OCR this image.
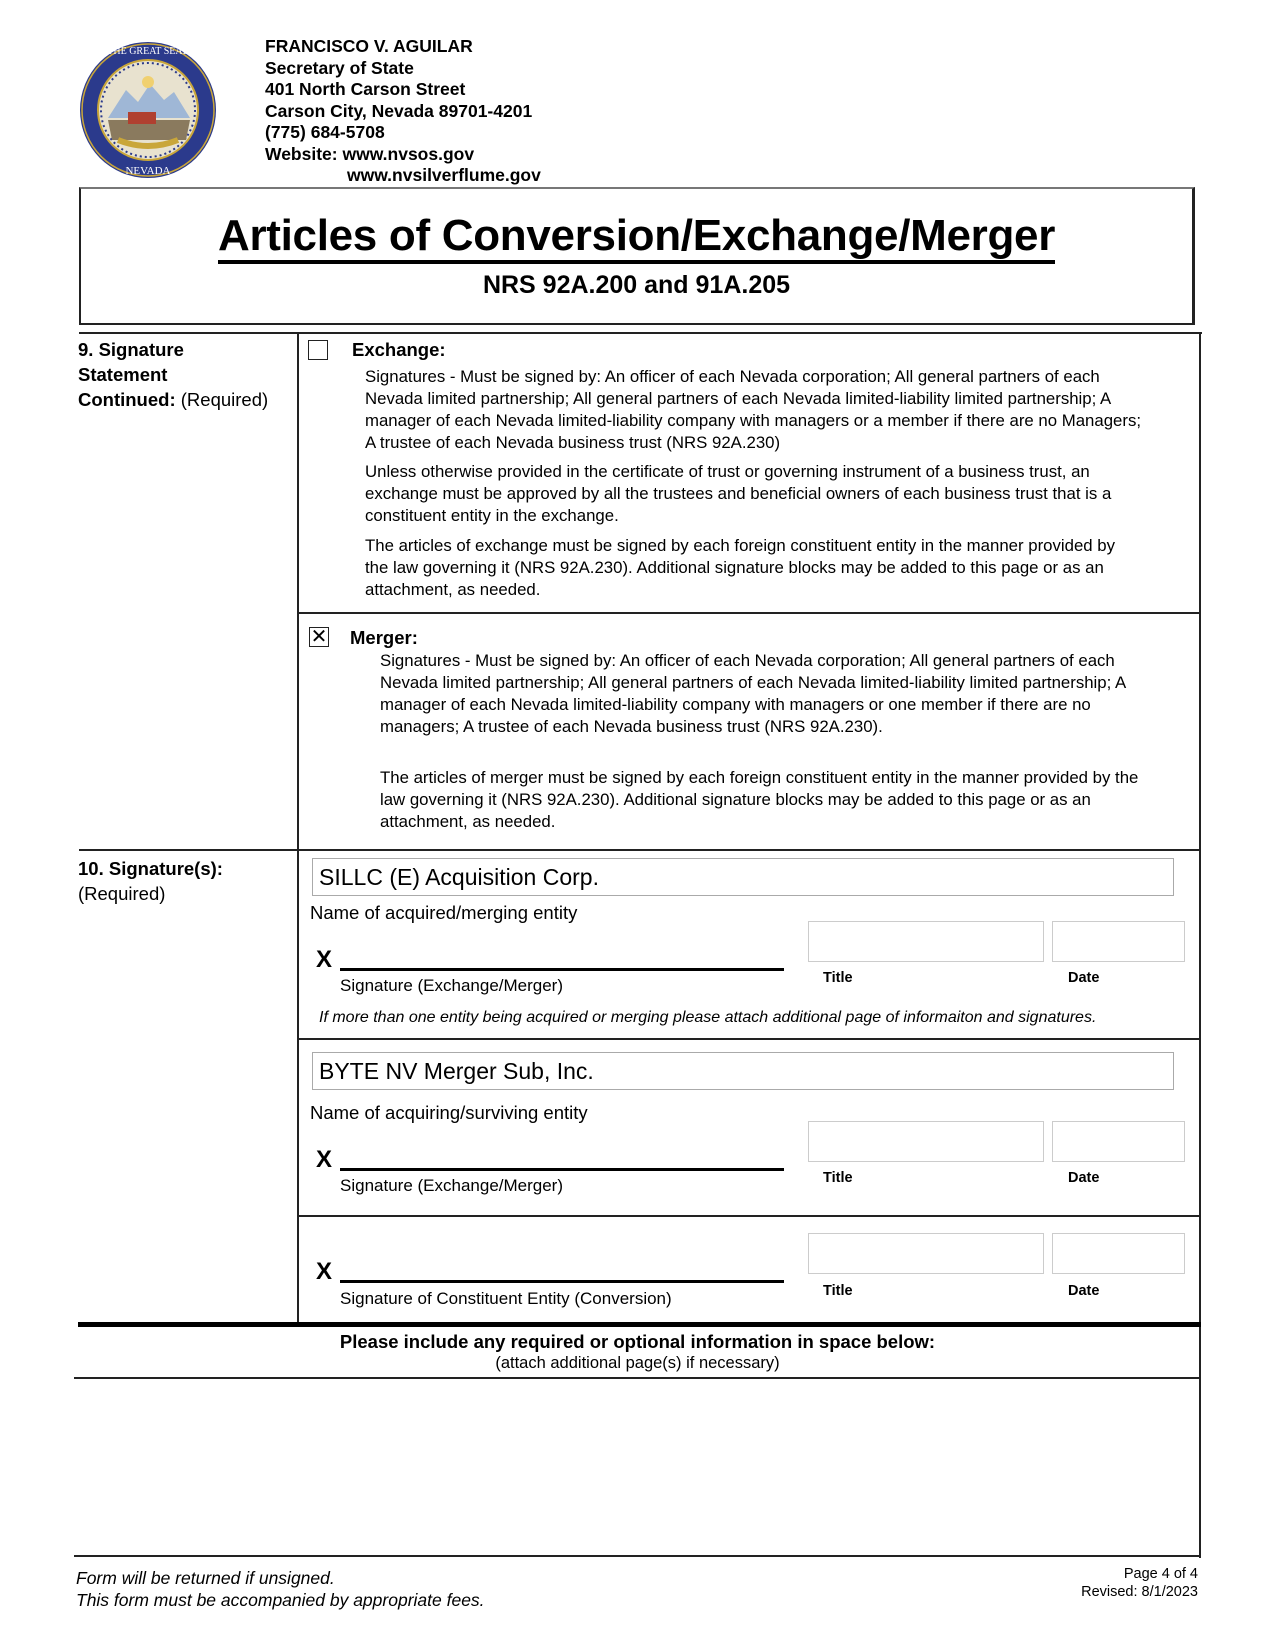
THE GREAT SEAL
NEVADA
FRANCISCO V. AGUILAR
Secretary of State
401 North Carson Street
Carson City, Nevada 89701-4201
(775) 684-5708
Website: www.nvsos.gov
www.nvsilverflume.gov
Articles of Conversion/Exchange/Merger
NRS 92A.200 and 91A.205
9. Signature
Statement
Continued: (Required)
Exchange:
Signatures - Must be signed by: An officer of each Nevada corporation; All general partners of each Nevada limited partnership; All general partners of each Nevada limited-liability limited partnership; A manager of each Nevada limited-liability company with managers or a member if there are no Managers; A trustee of each Nevada business trust (NRS 92A.230)
Unless otherwise provided in the certificate of trust or governing instrument of a business trust, an exchange must be approved by all the trustees and beneficial owners of each business trust that is a constituent entity in the exchange.
The articles of exchange must be signed by each foreign constituent entity in the manner provided by the law governing it (NRS 92A.230). Additional signature blocks may be added to this page or as an attachment, as needed.
✕ Merger:
Signatures - Must be signed by: An officer of each Nevada corporation; All general partners of each Nevada limited partnership; All general partners of each Nevada limited-liability limited partnership; A manager of each Nevada limited-liability company with managers or one member if there are no managers; A trustee of each Nevada business trust (NRS 92A.230).
The articles of merger must be signed by each foreign constituent entity in the manner provided by the law governing it (NRS 92A.230). Additional signature blocks may be added to this page or as an attachment, as needed.
10. Signature(s):
(Required)
SILLC (E) Acquisition Corp.
Name of acquired/merging entity
X
Signature (Exchange/Merger)	Title	Date
If more than one entity being acquired or merging please attach additional page of informaiton and signatures.
BYTE NV Merger Sub, Inc.
Name of acquiring/surviving entity
X
Signature (Exchange/Merger)	Title	Date
X
Signature of Constituent Entity (Conversion)	Title	Date
Please include any required or optional information in space below:
(attach additional page(s) if necessary)
Form will be returned if unsigned.
This form must be accompanied by appropriate fees.
Page 4 of 4
Revised: 8/1/2023
